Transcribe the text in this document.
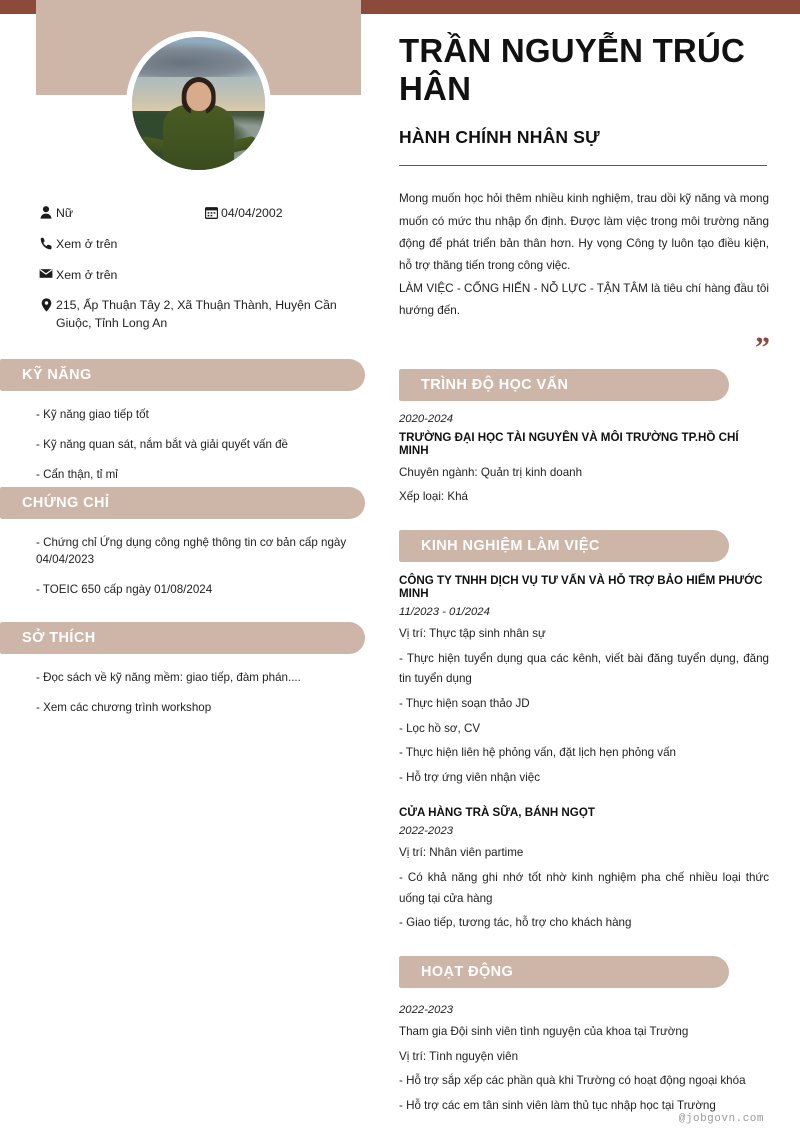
Nữ	04/04/2002
Xem ở trên
Xem ở trên
215, Ấp Thuận Tây 2, Xã Thuận Thành, Huyện Cần Giuộc, Tỉnh Long An
KỸ NĂNG

- Kỹ năng giao tiếp tốt

- Kỹ năng quan sát, nắm bắt và giải quyết vấn đề

- Cẩn thận, tỉ mỉ

CHỨNG CHỈ

- Chứng chỉ Ứng dụng công nghệ thông tin cơ bản cấp ngày 04/04/2023

- TOEIC 650 cấp ngày 01/08/2024

SỞ THÍCH

- Đọc sách về kỹ năng mềm: giao tiếp, đàm phán....

- Xem các chương trình workshop

TRẦN NGUYỄN TRÚC HÂN
HÀNH CHÍNH NHÂN SỰ

Mong muốn học hỏi thêm nhiều kinh nghiệm, trau dồi kỹ năng và mong muốn có mức thu nhập ổn định. Được làm việc trong môi trường năng động để phát triển bản thân hơn. Hy vọng Công ty luôn tạo điều kiện, hỗ trợ thăng tiến trong công việc.

LÀM VIỆC - CỐNG HIẾN - NỖ LỰC - TẬN TÂM là tiêu chí hàng đầu tôi hướng đến.

”
TRÌNH ĐỘ HỌC VẤN
2020-2024
TRƯỜNG ĐẠI HỌC TÀI NGUYÊN VÀ MÔI TRƯỜNG TP.HỒ CHÍ MINH
Chuyên ngành: Quản trị kinh doanh
Xếp loại: Khá
KINH NGHIỆM LÀM VIỆC
CÔNG TY TNHH DỊCH VỤ TƯ VẤN VÀ HỖ TRỢ BẢO HIỂM PHƯỚC MINH
11/2023 - 01/2024
Vị trí: Thực tập sinh nhân sự
- Thực hiện tuyển dụng qua các kênh, viết bài đăng tuyển dụng, đăng tin tuyển dụng
- Thực hiện soạn thảo JD
- Lọc hồ sơ, CV
- Thực hiện liên hệ phỏng vấn, đặt lịch hẹn phỏng vấn
- Hỗ trợ ứng viên nhận việc
CỬA HÀNG TRÀ SỮA, BÁNH NGỌT
2022-2023
Vị trí: Nhân viên partime
- Có khả năng ghi nhớ tốt nhờ kinh nghiệm pha chế nhiều loại thức uống tại cửa hàng
- Giao tiếp, tương tác, hỗ trợ cho khách hàng
HOẠT ĐỘNG
2022-2023
Tham gia Đội sinh viên tình nguyện của khoa tại Trường
Vị trí: Tình nguyện viên
- Hỗ trợ sắp xếp các phần quà khi Trường có hoạt động ngoại khóa
- Hỗ trợ các em tân sinh viên làm thủ tục nhập học tại Trường
@jobgovn.com
